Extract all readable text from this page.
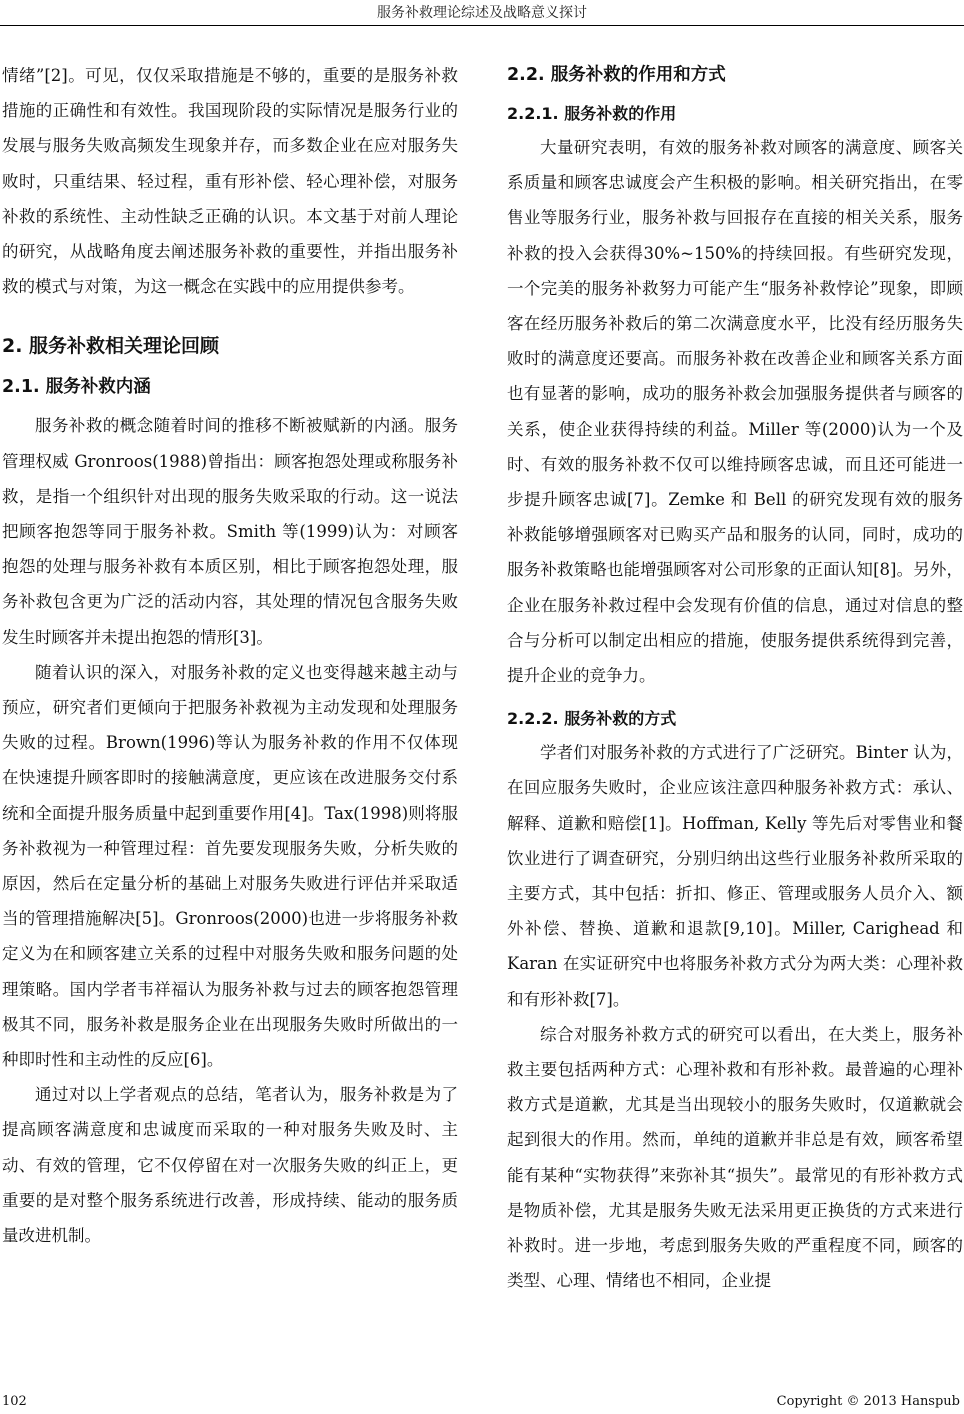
服务补救理论综述及战略意义探讨

情绪”[2]。可见，仅仅采取措施是不够的，重要的是服务补救措施的正确性和有效性。我国现阶段的实际情况是服务行业的发展与服务失败高频发生现象并存，而多数企业在应对服务失败时，只重结果、轻过程，重有形补偿、轻心理补偿，对服务补救的系统性、主动性缺乏正确的认识。本文基于对前人理论的研究，从战略角度去阐述服务补救的重要性，并指出服务补救的模式与对策，为这一概念在实践中的应用提供参考。

2. 服务补救相关理论回顾
2.1. 服务补救内涵

服务补救的概念随着时间的推移不断被赋新的内涵。服务管理权威 Gronroos(1988)曾指出：顾客抱怨处理或称服务补救，是指一个组织针对出现的服务失败采取的行动。这一说法把顾客抱怨等同于服务补救。Smith 等(1999)认为：对顾客抱怨的处理与服务补救有本质区别，相比于顾客抱怨处理，服务补救包含更为广泛的活动内容，其处理的情况包含服务失败发生时顾客并未提出抱怨的情形[3]。

随着认识的深入，对服务补救的定义也变得越来越主动与预应，研究者们更倾向于把服务补救视为主动发现和处理服务失败的过程。Brown(1996)等认为服务补救的作用不仅体现在快速提升顾客即时的接触满意度，更应该在改进服务交付系统和全面提升服务质量中起到重要作用[4]。Tax(1998)则将服务补救视为一种管理过程：首先要发现服务失败，分析失败的原因，然后在定量分析的基础上对服务失败进行评估并采取适当的管理措施解决[5]。Gronroos(2000)也进一步将服务补救定义为在和顾客建立关系的过程中对服务失败和服务问题的处理策略。国内学者韦祥福认为服务补救与过去的顾客抱怨管理极其不同，服务补救是服务企业在出现服务失败时所做出的一种即时性和主动性的反应[6]。

通过对以上学者观点的总结，笔者认为，服务补救是为了提高顾客满意度和忠诚度而采取的一种对服务失败及时、主动、有效的管理，它不仅停留在对一次服务失败的纠正上，更重要的是对整个服务系统进行改善，形成持续、能动的服务质量改进机制。

2.2. 服务补救的作用和方式
2.2.1. 服务补救的作用

大量研究表明，有效的服务补救对顾客的满意度、顾客关系质量和顾客忠诚度会产生积极的影响。相关研究指出，在零售业等服务行业，服务补救与回报存在直接的相关关系，服务补救的投入会获得30%~150%的持续回报。有些研究发现，一个完美的服务补救努力可能产生“服务补救悖论”现象，即顾客在经历服务补救后的第二次满意度水平，比没有经历服务失败时的满意度还要高。而服务补救在改善企业和顾客关系方面也有显著的影响，成功的服务补救会加强服务提供者与顾客的关系，使企业获得持续的利益。Miller 等(2000)认为一个及时、有效的服务补救不仅可以维持顾客忠诚，而且还可能进一步提升顾客忠诚[7]。Zemke 和 Bell 的研究发现有效的服务补救能够增强顾客对已购买产品和服务的认同，同时，成功的服务补救策略也能增强顾客对公司形象的正面认知[8]。另外，企业在服务补救过程中会发现有价值的信息，通过对信息的整合与分析可以制定出相应的措施，使服务提供系统得到完善，提升企业的竞争力。

2.2.2. 服务补救的方式

学者们对服务补救的方式进行了广泛研究。Binter 认为，在回应服务失败时，企业应该注意四种服务补救方式：承认、解释、道歉和赔偿[1]。Hoffman, Kelly 等先后对零售业和餐饮业进行了调查研究，分别归纳出这些行业服务补救所采取的主要方式，其中包括：折扣、修正、管理或服务人员介入、额外补偿、替换、道歉和退款[9,10]。Miller, Carighead 和 Karan 在实证研究中也将服务补救方式分为两大类：心理补救和有形补救[7]。

综合对服务补救方式的研究可以看出，在大类上，服务补救主要包括两种方式：心理补救和有形补救。最普遍的心理补救方式是道歉，尤其是当出现较小的服务失败时，仅道歉就会起到很大的作用。然而，单纯的道歉并非总是有效，顾客希望能有某种“实物获得”来弥补其“损失”。最常见的有形补救方式是物质补偿，尤其是服务失败无法采用更正换货的方式来进行补救时。进一步地，考虑到服务失败的严重程度不同，顾客的类型、心理、情绪也不相同，企业提

102	Copyright © 2013 Hanspub
